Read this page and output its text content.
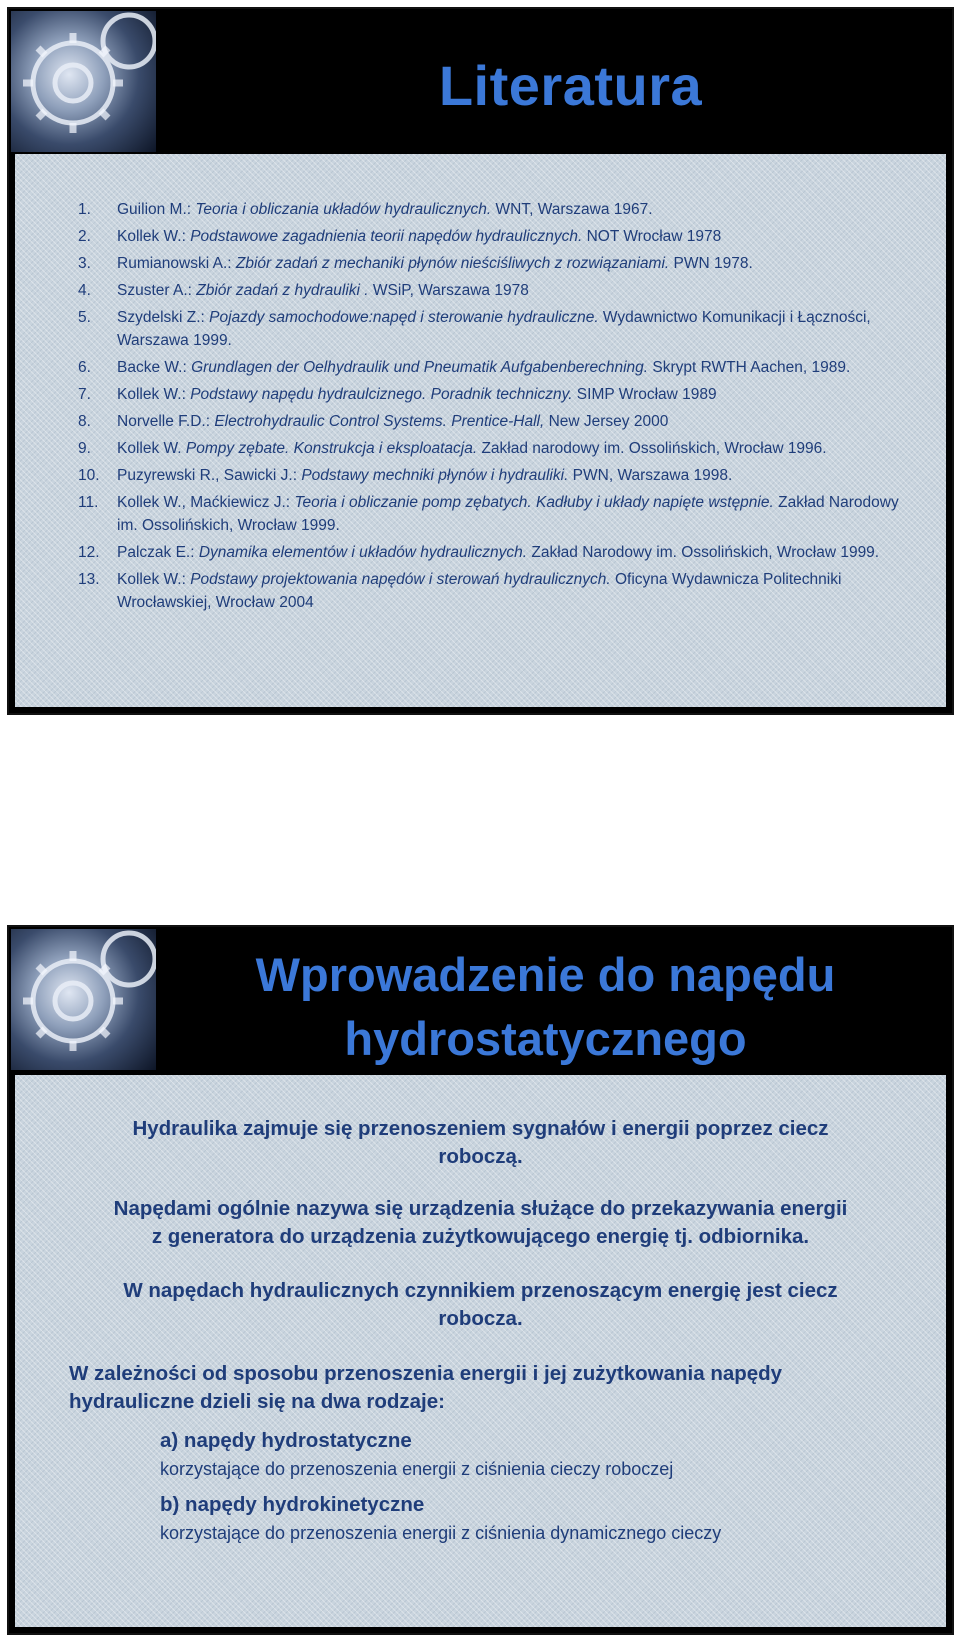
Literatura
1. Guilion M.: Teoria i obliczania układów hydraulicznych. WNT, Warszawa 1967.
2. Kollek W.: Podstawowe zagadnienia teorii napędów hydraulicznych. NOT Wrocław 1978
3. Rumianowski A.: Zbiór zadań z mechaniki płynów nieściśliwych z rozwiązaniami. PWN 1978.
4. Szuster A.: Zbiór zadań z hydrauliki . WSiP, Warszawa 1978
5. Szydelski Z.: Pojazdy samochodowe:napęd i sterowanie hydrauliczne. Wydawnictwo Komunikacji i Łączności, Warszawa 1999.
6. Backe W.: Grundlagen der Oelhydraulik und Pneumatik Aufgabenberechning. Skrypt RWTH Aachen, 1989.
7. Kollek W.: Podstawy napędu hydraulciznego. Poradnik techniczny. SIMP Wrocław 1989
8. Norvelle F.D.: Electrohydraulic Control Systems. Prentice-Hall, New Jersey 2000
9. Kollek W. Pompy zębate. Konstrukcja i eksploatacja. Zakład narodowy im. Ossolińskich, Wrocław 1996.
10. Puzyrewski R., Sawicki J.: Podstawy mechniki płynów i hydrauliki. PWN, Warszawa 1998.
11. Kollek W., Maćkiewicz J.: Teoria i obliczanie pomp zębatych. Kadłuby i układy napięte wstępnie. Zakład Narodowy im. Ossolińskich, Wrocław 1999.
12. Palczak E.: Dynamika elementów i układów hydraulicznych. Zakład Narodowy im. Ossolińskich, Wrocław 1999.
13. Kollek W.: Podstawy projektowania napędów i sterowań hydraulicznych. Oficyna Wydawnicza Politechniki Wrocławskiej, Wrocław 2004
Wprowadzenie do napędu
hydrostatycznego
Hydraulika zajmuje się przenoszeniem sygnałów i energii poprzez ciecz
roboczą.
Napędami ogólnie nazywa się urządzenia służące do przekazywania energii
z generatora do urządzenia zużytkowującego energię tj. odbiornika.
W napędach hydraulicznych czynnikiem przenoszącym energię jest ciecz
robocza.
W zależności od sposobu przenoszenia energii i jej zużytkowania napędy
hydrauliczne dzieli się na dwa rodzaje:
a) napędy hydrostatyczne
korzystające do przenoszenia energii z ciśnienia cieczy roboczej
b) napędy hydrokinetyczne
korzystające do przenoszenia energii z ciśnienia dynamicznego cieczy
